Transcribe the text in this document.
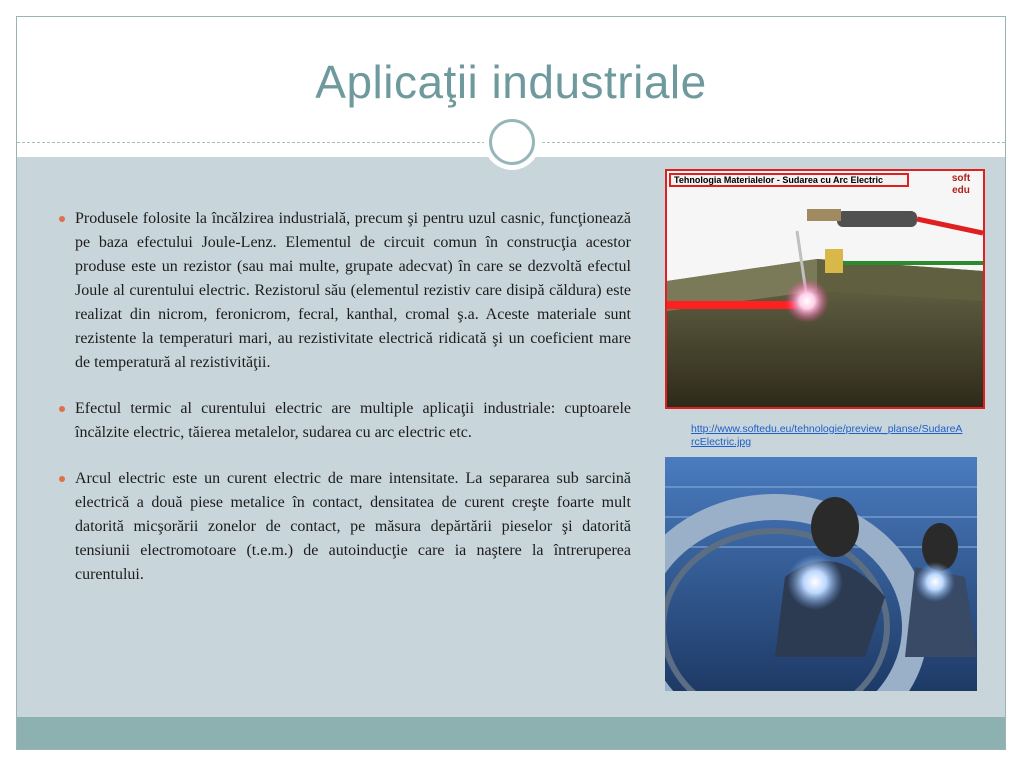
Aplicaţii industriale
Produsele folosite la încălzirea industrială, precum şi pentru uzul casnic, funcţionează pe baza efectului Joule-Lenz. Elementul de circuit comun în construcţia acestor produse este un rezistor (sau mai multe, grupate adecvat) în care se dezvoltă efectul Joule al curentului electric. Rezistorul său (elementul rezistiv care disipă căldura) este realizat din nicrom, feronicrom, fecral, kanthal, cromal ş.a. Aceste materiale sunt rezistente la temperaturi mari, au rezistivitate electrică ridicată şi un coeficient mare de temperatură al rezistivităţii.
Efectul termic al curentului electric are multiple aplicaţii industriale: cuptoarele încălzite electric, tăierea metalelor, sudarea cu arc electric etc.
Arcul electric este un curent electric de mare intensitate. La separarea sub sarcină electrică a două piese metalice în contact, densitatea de curent creşte foarte mult datorită micşorării zonelor de contact, pe măsura depărtării pieselor şi datorită tensiunii electromotoare (t.e.m.) de autoinducţie care ia naştere la întreruperea curentului.
Tehnologia Materialelor - Sudarea cu Arc Electric	soft edu
http://www.softedu.eu/tehnologie/preview_planse/SudareArcElectric.jpg
